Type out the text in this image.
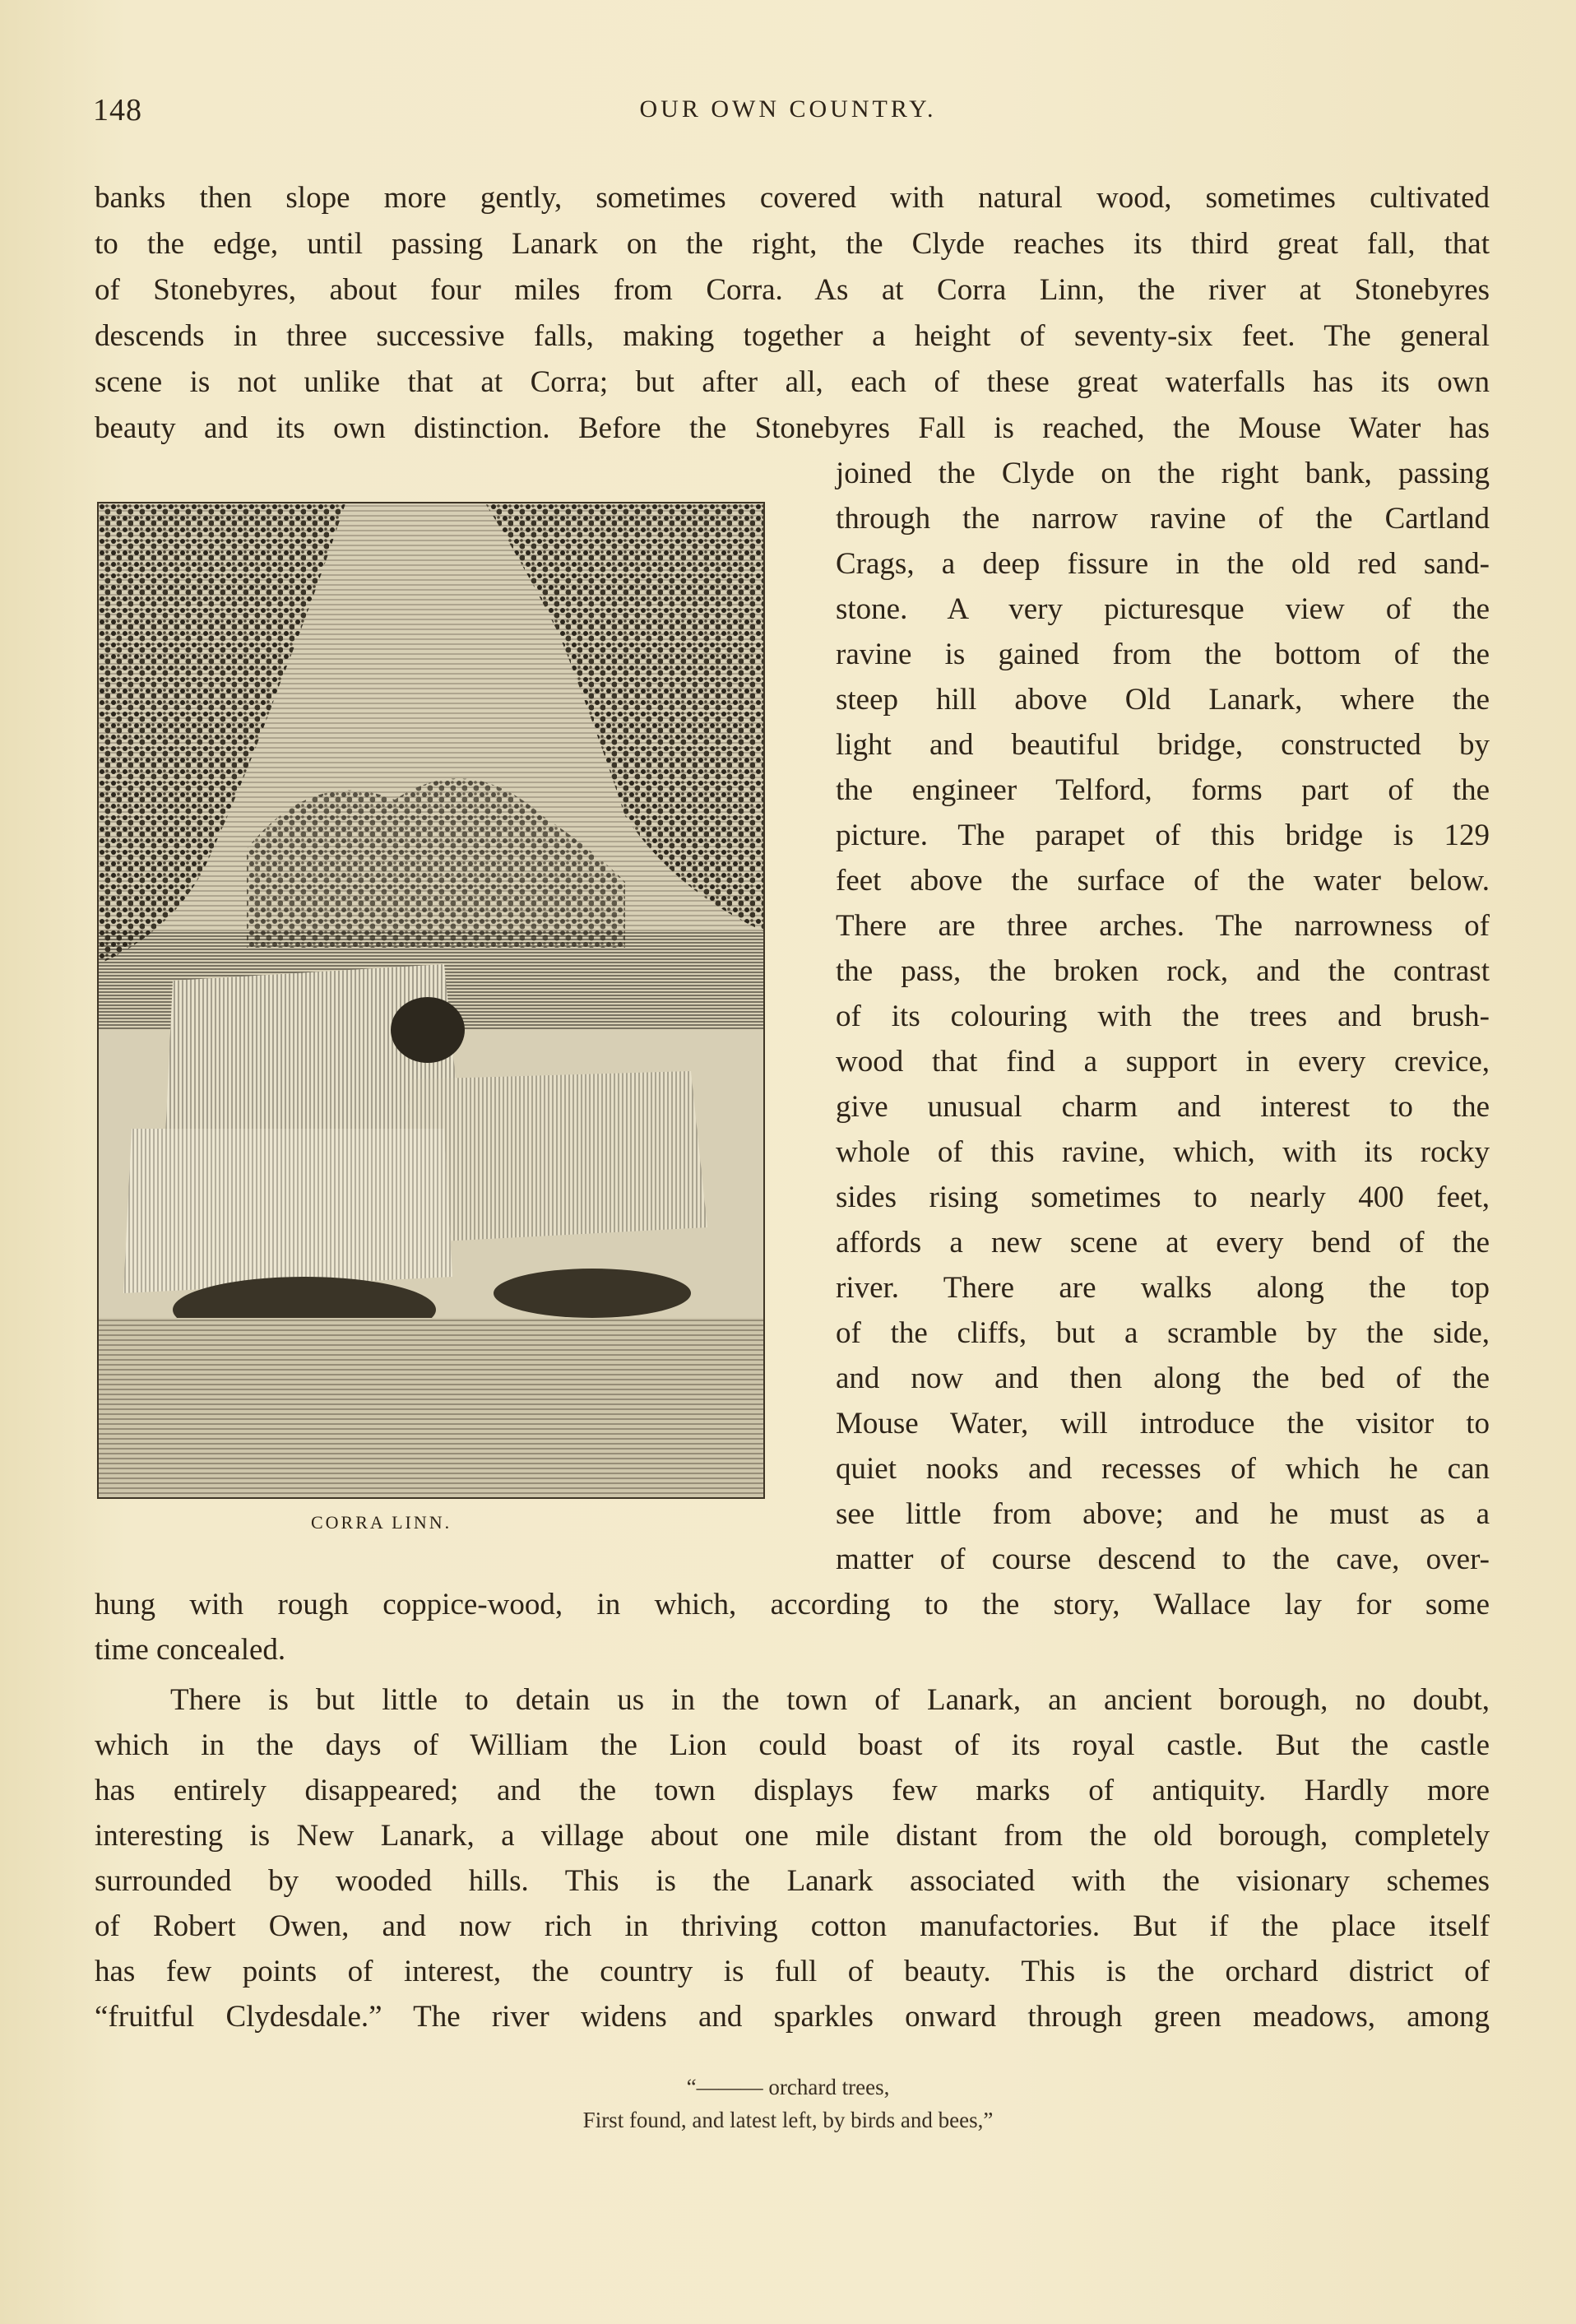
148	OUR OWN COUNTRY.
banks then slope more gently, sometimes covered with natural wood, sometimes cultivated
to the edge, until passing Lanark on the right, the Clyde reaches its third great fall, that
of Stonebyres, about four miles from Corra. As at Corra Linn, the river at Stonebyres
descends in three successive falls, making together a height of seventy-six feet. The general
scene is not unlike that at Corra; but after all, each of these great waterfalls has its own
beauty and its own distinction. Before the Stonebyres Fall is reached, the Mouse Water has
joined the Clyde on the right bank, passing
through the narrow ravine of the Cartland
Crags, a deep fissure in the old red sand-
stone. A very picturesque view of the
ravine is gained from the bottom of the
steep hill above Old Lanark, where the
light and beautiful bridge, constructed by
the engineer Telford, forms part of the
picture. The parapet of this bridge is 129
feet above the surface of the water below.
There are three arches. The narrowness of
the pass, the broken rock, and the contrast
of its colouring with the trees and brush-
wood that find a support in every crevice,
give unusual charm and interest to the
whole of this ravine, which, with its rocky
sides rising sometimes to nearly 400 feet,
affords a new scene at every bend of the
river. There are walks along the top
of the cliffs, but a scramble by the side,
and now and then along the bed of the
Mouse Water, will introduce the visitor to
quiet nooks and recesses of which he can
see little from above; and he must as a
matter of course descend to the cave, over-
hung with rough coppice-wood, in which, according to the story, Wallace lay for some
time concealed.
There is but little to detain us in the town of Lanark, an ancient borough, no doubt,
which in the days of William the Lion could boast of its royal castle. But the castle
has entirely disappeared; and the town displays few marks of antiquity. Hardly more
interesting is New Lanark, a village about one mile distant from the old borough, completely
surrounded by wooded hills. This is the Lanark associated with the visionary schemes
of Robert Owen, and now rich in thriving cotton manufactories. But if the place itself
has few points of interest, the country is full of beauty. This is the orchard district of
“fruitful Clydesdale.” The river widens and sparkles onward through green meadows, among
CORRA LINN.
“——— orchard trees,
First found, and latest left, by birds and bees,”
